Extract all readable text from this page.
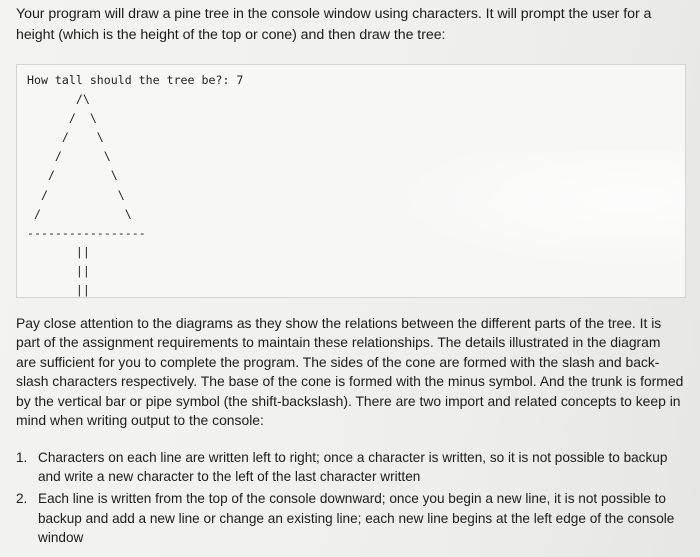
Your program will draw a pine tree in the console window using characters. It will prompt the user for a height (which is the height of the top or cone) and then draw the tree:

How tall should the tree be?: 7
/\
/  \
/    \
/      \
/        \
/          \
/            \
-----------------
||
||
||

Pay close attention to the diagrams as they show the relations between the different parts of the tree. It is part of the assignment requirements to maintain these relationships. The details illustrated in the diagram are sufficient for you to complete the program. The sides of the cone are formed with the slash and back-slash characters respectively. The base of the cone is formed with the minus symbol. And the trunk is formed by the vertical bar or pipe symbol (the shift-backslash). There are two import and related concepts to keep in mind when writing output to the console:

1. Characters on each line are written left to right; once a character is written, so it is not possible to backup and write a new character to the left of the last character written
2. Each line is written from the top of the console downward; once you begin a new line, it is not possible to backup and add a new line or change an existing line; each new line begins at the left edge of the console window
